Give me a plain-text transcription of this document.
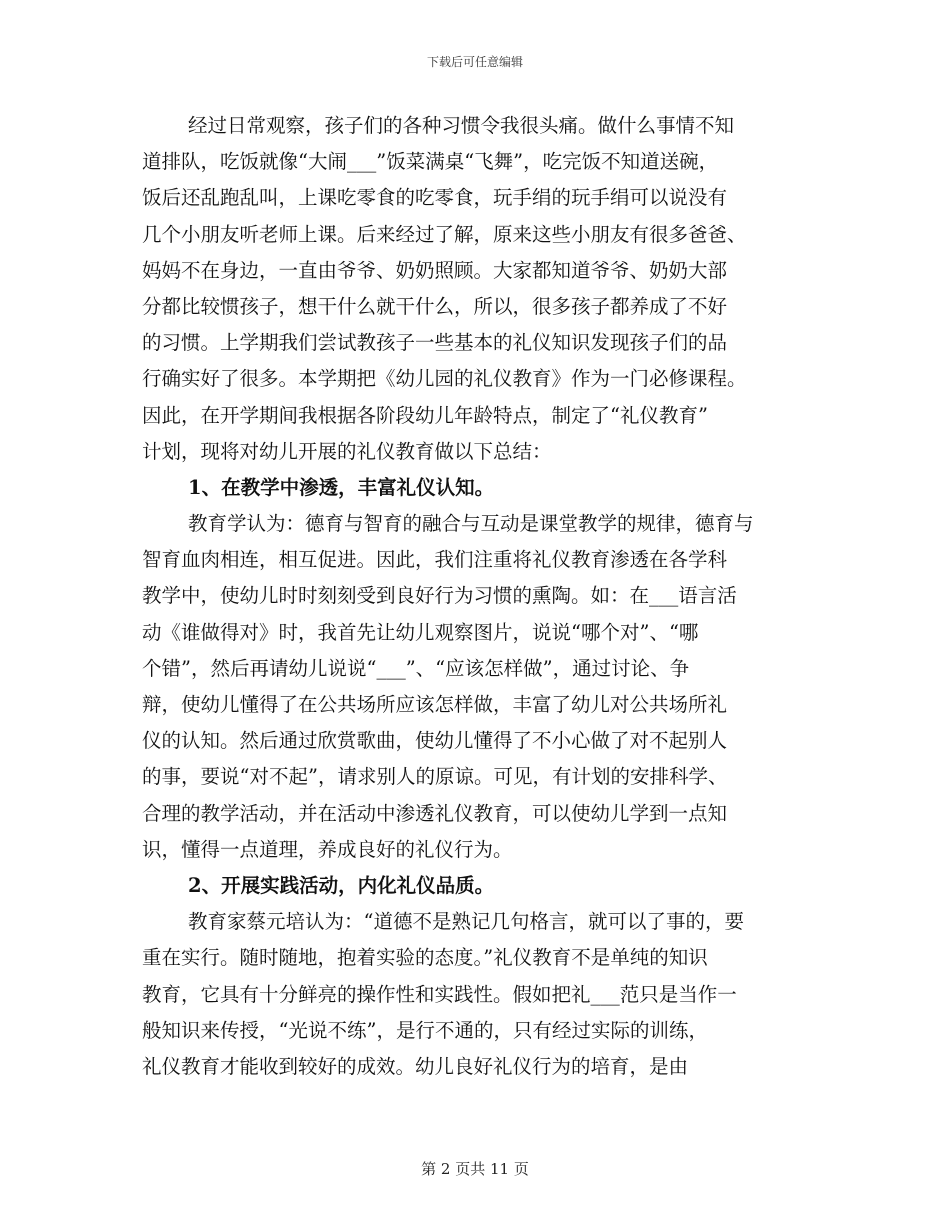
下载后可任意编辑
经过日常观察，孩子们的各种习惯令我很头痛。做什么事情不知
道排队，吃饭就像“大闹___”饭菜满桌“飞舞”，吃完饭不知道送碗，
饭后还乱跑乱叫，上课吃零食的吃零食，玩手绢的玩手绢可以说没有
几个小朋友听老师上课。后来经过了解，原来这些小朋友有很多爸爸、
妈妈不在身边，一直由爷爷、奶奶照顾。大家都知道爷爷、奶奶大部
分都比较惯孩子，想干什么就干什么，所以，很多孩子都养成了不好
的习惯。上学期我们尝试教孩子一些基本的礼仪知识发现孩子们的品
行确实好了很多。本学期把《幼儿园的礼仪教育》作为一门必修课程。
因此，在开学期间我根据各阶段幼儿年龄特点，制定了“礼仪教育”
计划，现将对幼儿开展的礼仪教育做以下总结：
1、在教学中渗透，丰富礼仪认知。
教育学认为：德育与智育的融合与互动是课堂教学的规律，德育与
智育血肉相连，相互促进。因此，我们注重将礼仪教育渗透在各学科
教学中，使幼儿时时刻刻受到良好行为习惯的熏陶。如：在___语言活
动《谁做得对》时，我首先让幼儿观察图片，说说“哪个对”、“哪
个错”，然后再请幼儿说说“___”、“应该怎样做”，通过讨论、争
辩，使幼儿懂得了在公共场所应该怎样做，丰富了幼儿对公共场所礼
仪的认知。然后通过欣赏歌曲，使幼儿懂得了不小心做了对不起别人
的事，要说“对不起”，请求别人的原谅。可见，有计划的安排科学、
合理的教学活动，并在活动中渗透礼仪教育，可以使幼儿学到一点知
识，懂得一点道理，养成良好的礼仪行为。
2、开展实践活动，内化礼仪品质。
教育家蔡元培认为：“道德不是熟记几句格言，就可以了事的，要
重在实行。随时随地，抱着实验的态度。”礼仪教育不是单纯的知识
教育，它具有十分鲜亮的操作性和实践性。假如把礼___范只是当作一
般知识来传授，“光说不练”，是行不通的，只有经过实际的训练，
礼仪教育才能收到较好的成效。幼儿良好礼仪行为的培育，是由
第 2 页共 11 页
